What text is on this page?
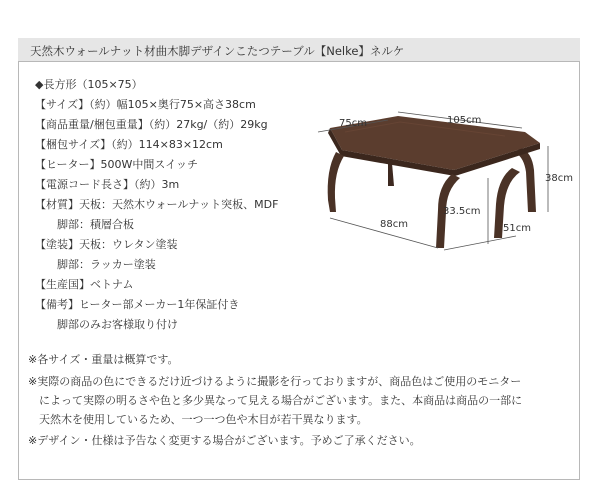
天然木ウォールナット材曲木脚デザインこたつテーブル【Nelke】ネルケ
◆長方形（105×75）
【サイズ】（約）幅105×奥行75×高さ38cm
【商品重量/梱包重量】（約）27kg/（約）29kg
【梱包サイズ】（約）114×83×12cm
【ヒーター】500W中間スイッチ
【電源コード長さ】（約）3m
【材質】天板：天然木ウォールナット突板、MDF
　　脚部：積層合板
【塗装】天板：ウレタン塗装
　　脚部：ラッカー塗装
【生産国】ベトナム
【備考】ヒーター部メーカー1年保証付き
　　脚部のみお客様取り付け
75cm	105cm
38cm
33.5cm
88cm	51cm
※各サイズ・重量は概算です。
※実際の商品の色にできるだけ近づけるように撮影を行っておりますが、商品色はご使用のモニター
　によって実際の明るさや色と多少異なって見える場合がございます。また、本商品は商品の一部に
　天然木を使用しているため、一つ一つ色や木目が若干異なります。
※デザイン・仕様は予告なく変更する場合がございます。予めご了承ください。
